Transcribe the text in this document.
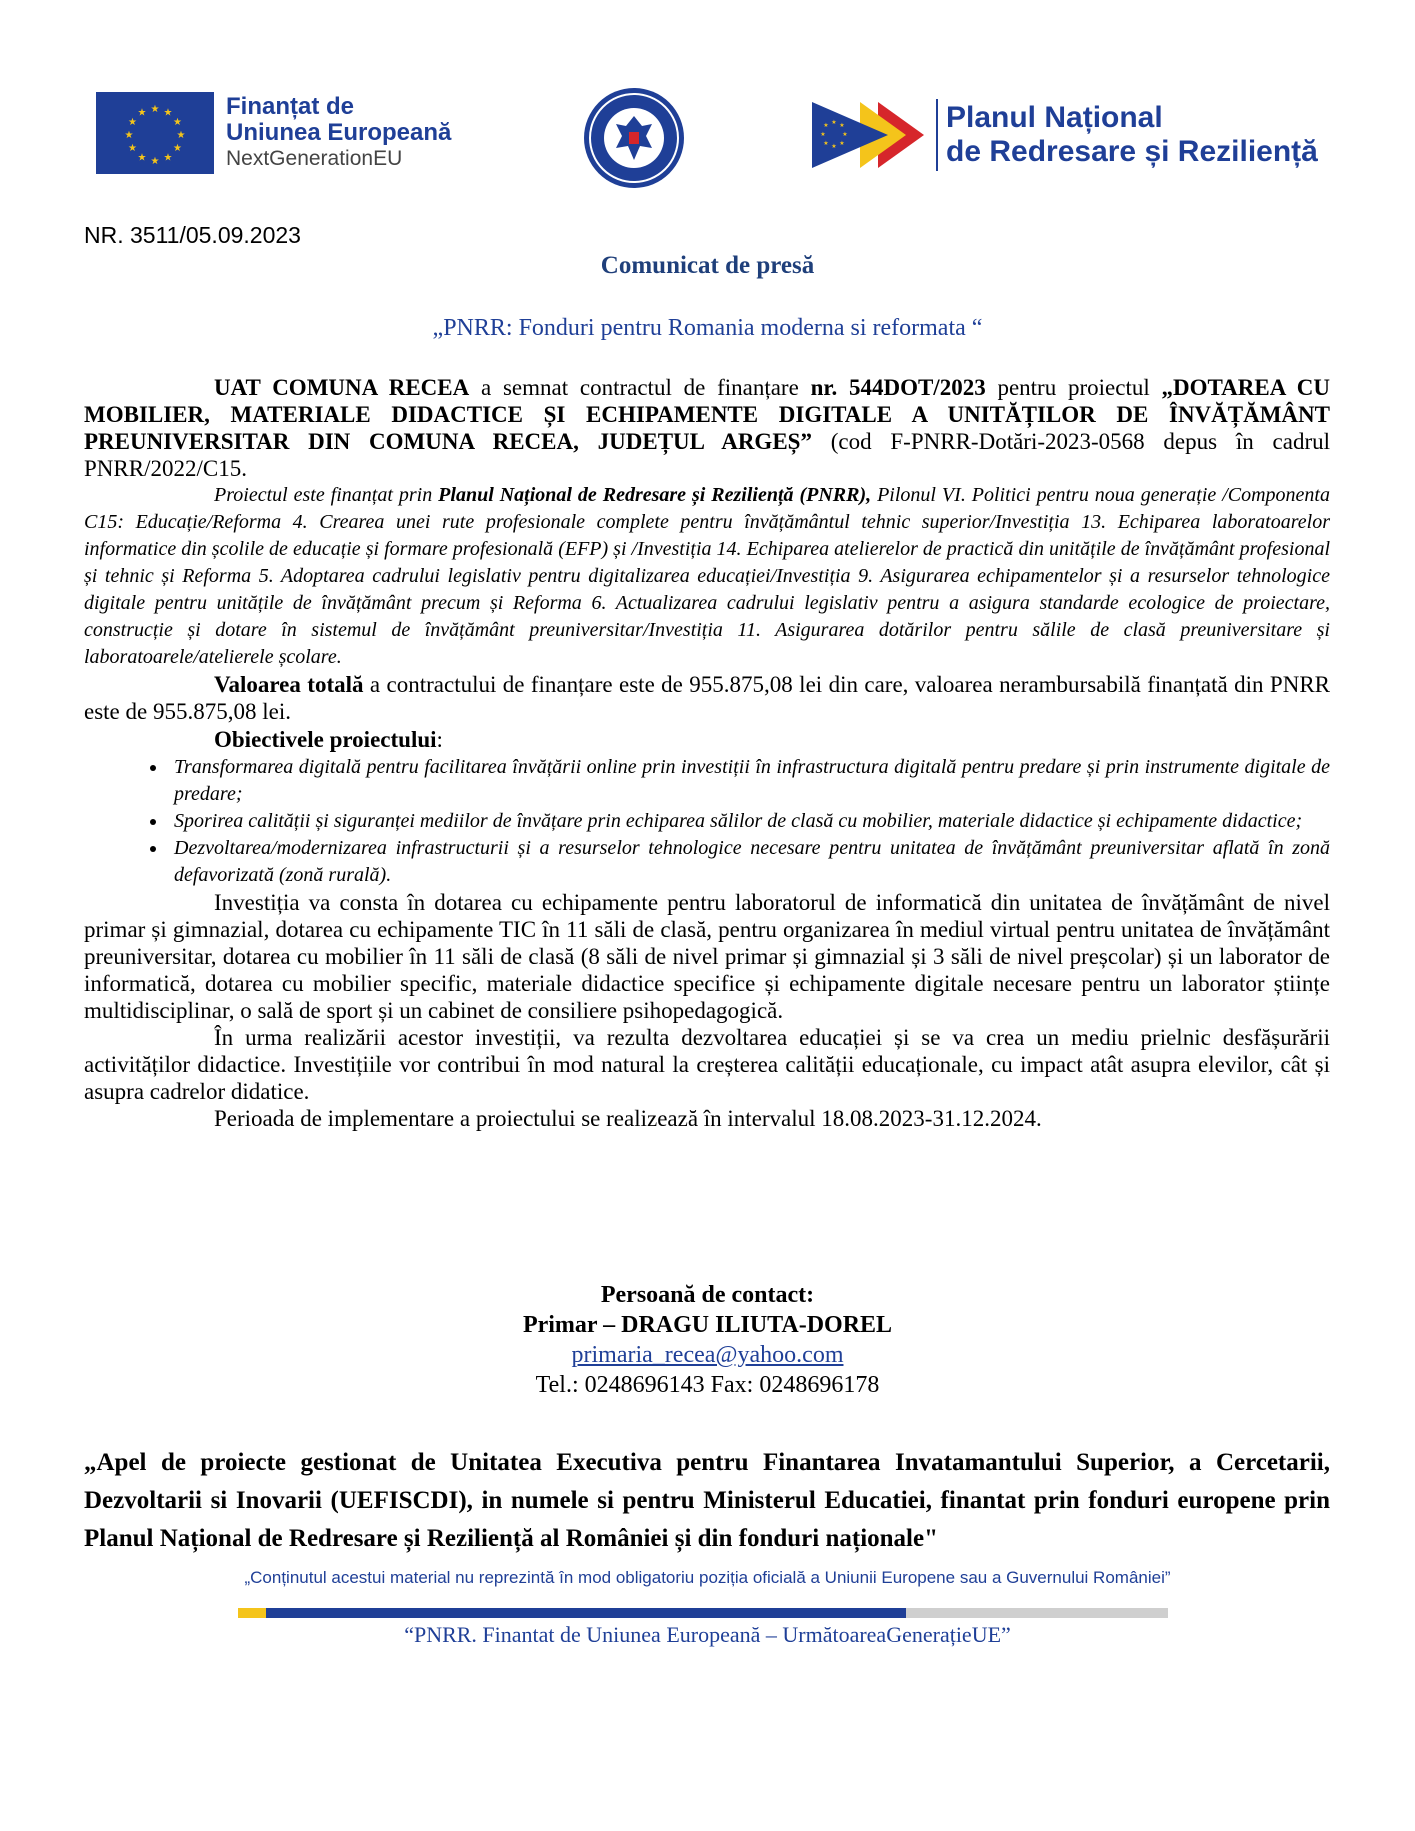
★ ★
★
★
★
★
★
★
★
★
★
★	Finanțat de
Uniunea Europeană
NextGenerationEU
★ ★
★
★
★
★
★
★	Planul Național
de Redresare și Reziliență
NR. 3511/05.09.2023
Comunicat de presă
„PNRR: Fonduri pentru Romania moderna si reformata “

UAT COMUNA RECEA a semnat contractul de finanțare nr. 544DOT/2023 pentru proiectul „DOTAREA CU MOBILIER, MATERIALE DIDACTICE ȘI ECHIPAMENTE DIGITALE A UNITĂȚILOR DE ÎNVĂȚĂMÂNT PREUNIVERSITAR DIN COMUNA RECEA, JUDEȚUL ARGEȘ” (cod F-PNRR-Dotări-2023-0568 depus în cadrul PNRR/2022/C15.

Proiectul este finanțat prin Planul Național de Redresare și Reziliență (PNRR), Pilonul VI. Politici pentru noua generație /Componenta C15: Educație/Reforma 4. Crearea unei rute profesionale complete pentru învățământul tehnic superior/Investiția 13. Echiparea laboratoarelor informatice din școlile de educație și formare profesională (EFP) și /Investiția 14. Echiparea atelierelor de practică din unitățile de învățământ profesional și tehnic și Reforma 5. Adoptarea cadrului legislativ pentru digitalizarea educației/Investiția 9. Asigurarea echipamentelor și a resurselor tehnologice digitale pentru unitățile de învățământ precum și Reforma 6. Actualizarea cadrului legislativ pentru a asigura standarde ecologice de proiectare, construcție și dotare în sistemul de învățământ preuniversitar/Investiția 11. Asigurarea dotărilor pentru sălile de clasă preuniversitare și laboratoarele/atelierele școlare.

Valoarea totală a contractului de finanțare este de 955.875,08 lei din care, valoarea nerambursabilă finanțată din PNRR este de 955.875,08 lei.

Obiectivele proiectului:

• Transformarea digitală pentru facilitarea învățării online prin investiții în infrastructura digitală pentru predare și prin instrumente digitale de predare;
• Sporirea calității și siguranței mediilor de învățare prin echiparea sălilor de clasă cu mobilier, materiale didactice și echipamente didactice;
• Dezvoltarea/modernizarea infrastructurii și a resurselor tehnologice necesare pentru unitatea de învățământ preuniversitar aflată în zonă defavorizată (zonă rurală).

Investiția va consta în dotarea cu echipamente pentru laboratorul de informatică din unitatea de învățământ de nivel primar și gimnazial, dotarea cu echipamente TIC în 11 săli de clasă, pentru organizarea în mediul virtual pentru unitatea de învățământ preuniversitar, dotarea cu mobilier în 11 săli de clasă (8 săli de nivel primar și gimnazial și 3 săli de nivel preșcolar) și un laborator de informatică, dotarea cu mobilier specific, materiale didactice specifice și echipamente digitale necesare pentru un laborator științe multidisciplinar, o sală de sport și un cabinet de consiliere psihopedagogică.

În urma realizării acestor investiții, va rezulta dezvoltarea educației și se va crea un mediu prielnic desfășurării activităților didactice. Investițiile vor contribui în mod natural la creșterea calității educaționale, cu impact atât asupra elevilor, cât și asupra cadrelor didatice.

Perioada de implementare a proiectului se realizează în intervalul 18.08.2023-31.12.2024.

Persoană de contact:
Primar – DRAGU ILIUTA-DOREL
primaria_recea@yahoo.com
Tel.: 0248696143 Fax: 0248696178
„Apel de proiecte gestionat de Unitatea Executiva pentru Finantarea Invatamantului Superior, a Cercetarii, Dezvoltarii si Inovarii (UEFISCDI), in numele si pentru Ministerul Educatiei, finantat prin fonduri europene prin Planul Național de Redresare și Reziliență al României și din fonduri naționale"
„Conținutul acestui material nu reprezintă în mod obligatoriu poziția oficială a Uniunii Europene sau a Guvernului României”
“PNRR. Finantat de Uniunea Europeană – UrmătoareaGenerațieUE”
